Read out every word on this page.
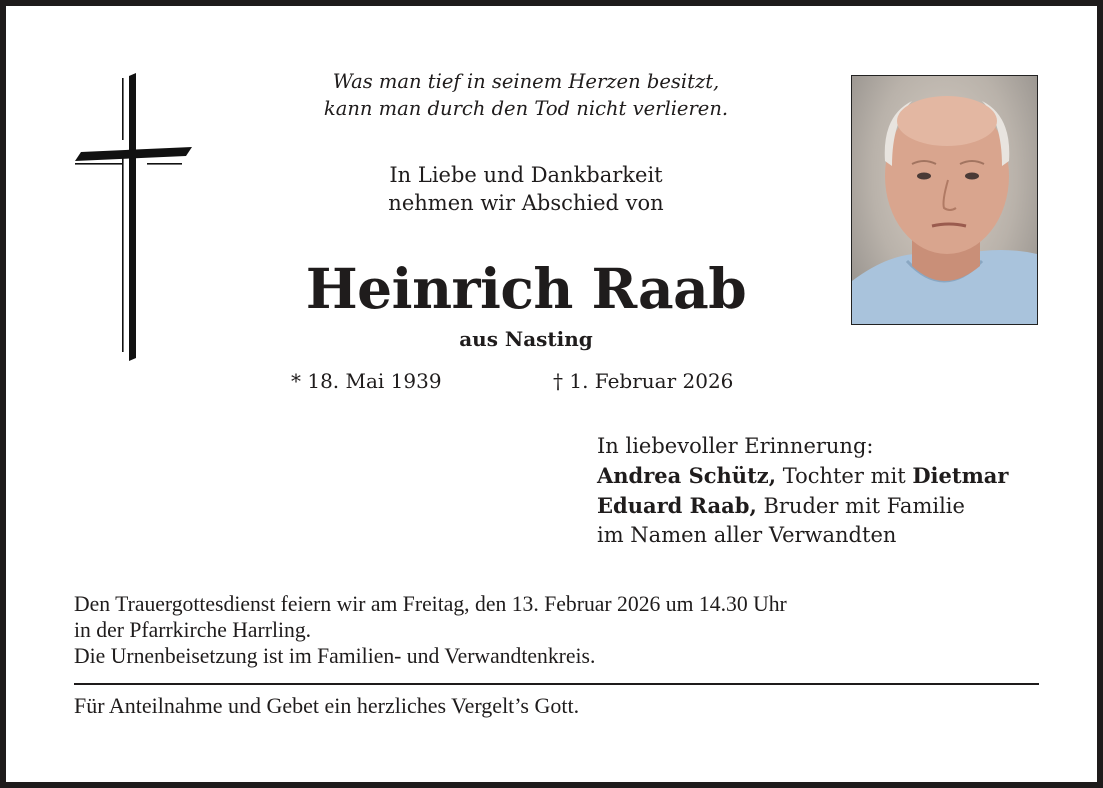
Was man tief in seinem Herzen besitzt,
kann man durch den Tod nicht verlieren.
In Liebe und Dankbarkeit
nehmen wir Abschied von
Heinrich Raab
aus Nasting
* 18. Mai 1939	† 1. Februar 2026
In liebevoller Erinnerung:
Andrea Schütz, Tochter mit Dietmar
Eduard Raab, Bruder mit Familie
im Namen aller Verwandten
Den Trauergottesdienst feiern wir am Freitag, den 13. Februar 2026 um 14.30 Uhr
in der Pfarrkirche Harrling.
Die Urnenbeisetzung ist im Familien- und Verwandtenkreis.
Für Anteilnahme und Gebet ein herzliches Vergelt’s Gott.
